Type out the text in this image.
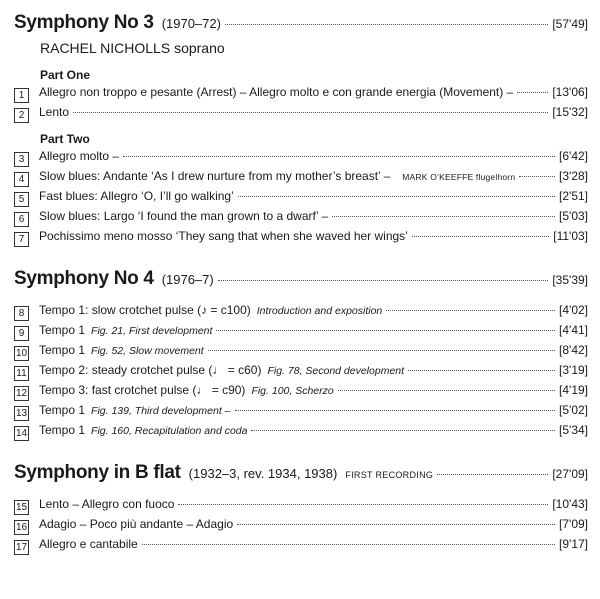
Symphony No 3 (1970–72)	[57'49]
RACHEL NICHOLLS soprano
Part One
1	Allegro non troppo e pesante (Arrest) – Allegro molto e con grande energia (Movement) –	[13'06]
2	Lento	[15'32]
Part Two
3	Allegro molto –	[6'42]
4	Slow blues: Andante ‘As I drew nurture from my mother’s breast’ – MARK O’KEEFFE flugelhorn	[3'28]
5	Fast blues: Allegro ‘O, I’ll go walking’	[2'51]
6	Slow blues: Largo ‘I found the man grown to a dwarf’ –	[5'03]
7	Pochissimo meno mosso ‘They sang that when she waved her wings’	[11'03]
Symphony No 4 (1976–7)	[35'39]
8	Tempo 1: slow crotchet pulse (♪ = c100) Introduction and exposition	[4'02]
9	Tempo 1 Fig. 21, First development	[4'41]
10 Tempo 1 Fig. 52, Slow movement	[8'42]
11 Tempo 2: steady crotchet pulse (♩ = c60) Fig. 78, Second development	[3'19]
12 Tempo 3: fast crotchet pulse (♩ = c90) Fig. 100, Scherzo	[4'19]
13 Tempo 1 Fig. 139, Third development –	[5'02]
14 Tempo 1 Fig. 160, Recapitulation and coda	[5'34]
Symphony in B flat (1932–3, rev. 1934, 1938) FIRST RECORDING	[27'09]
15 Lento – Allegro con fuoco	[10'43]
16 Adagio – Poco più andante – Adagio	[7'09]
17 Allegro e cantabile	[9'17]
